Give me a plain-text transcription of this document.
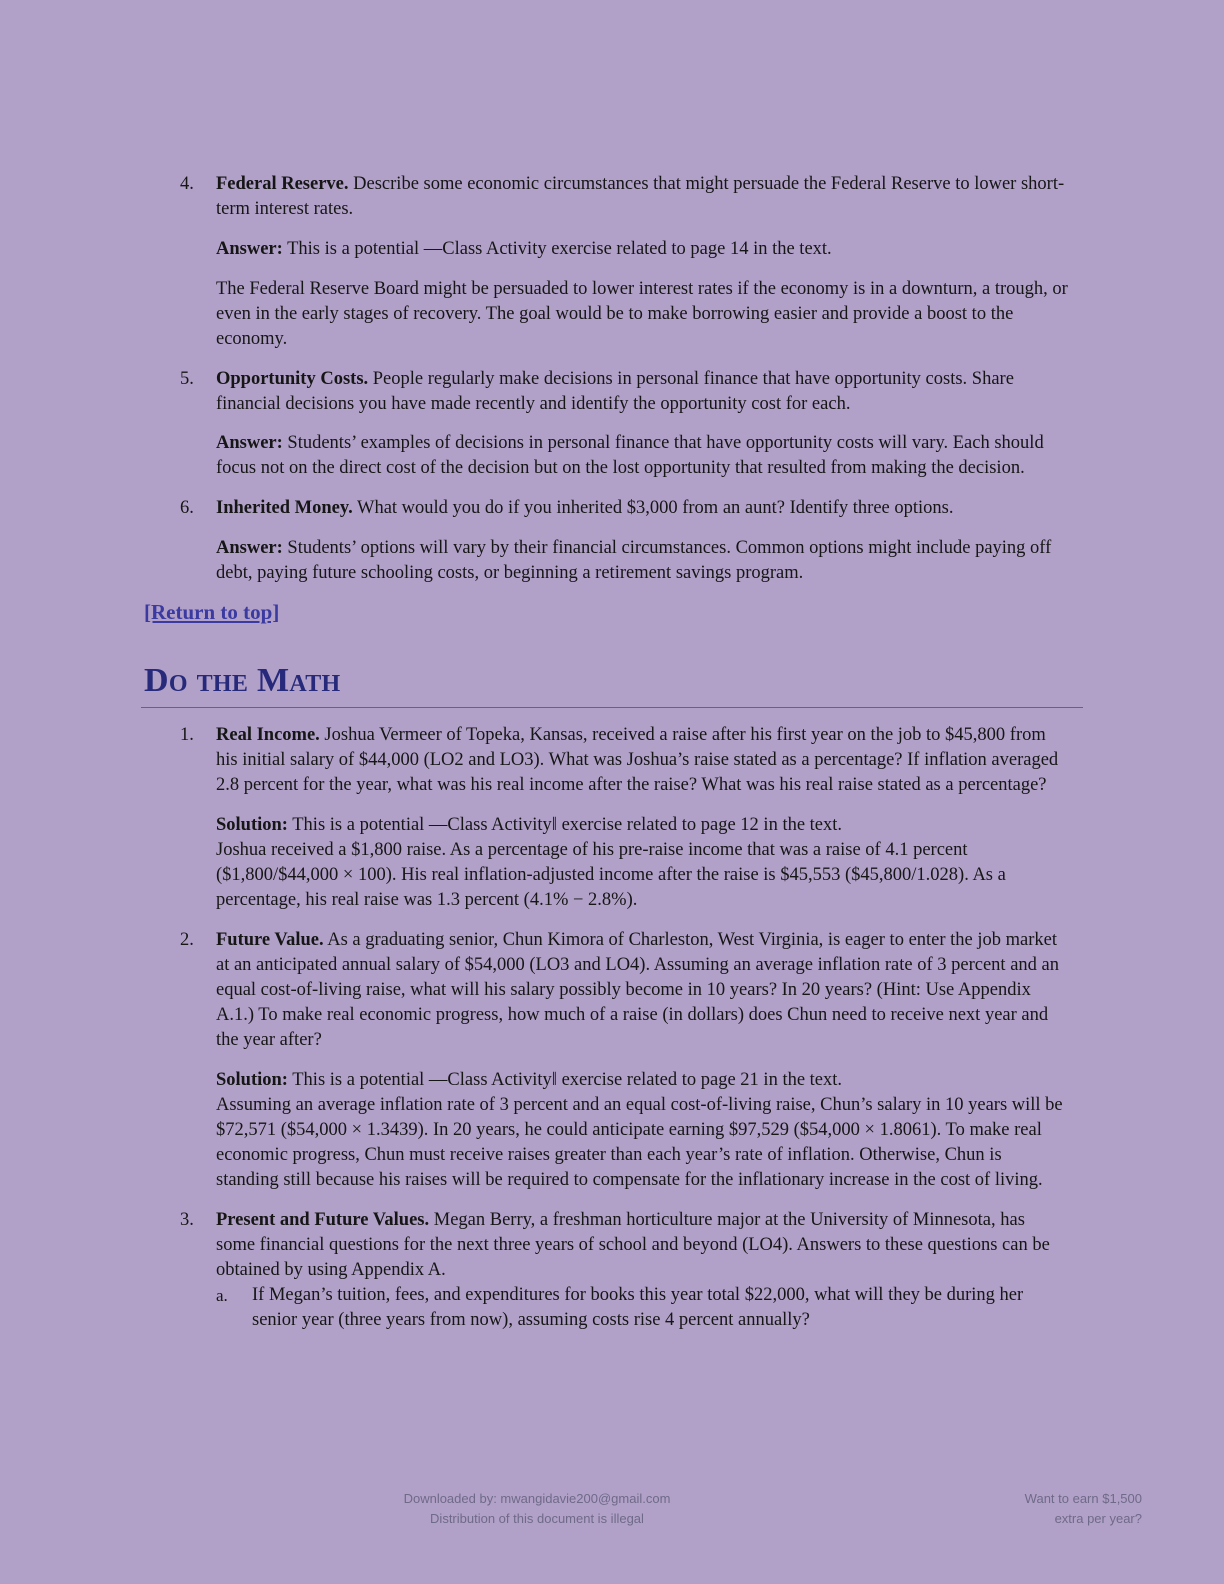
4.	Federal Reserve. Describe some economic circumstances that might persuade the Federal Reserve to lower short-term interest rates.

Answer: This is a potential —Class Activity exercise related to page 14 in the text.

The Federal Reserve Board might be persuaded to lower interest rates if the economy is in a downturn, a trough, or even in the early stages of recovery. The goal would be to make borrowing easier and provide a boost to the economy.

5.	Opportunity Costs. People regularly make decisions in personal finance that have opportunity costs. Share financial decisions you have made recently and identify the opportunity cost for each.

Answer: Students’ examples of decisions in personal finance that have opportunity costs will vary. Each should focus not on the direct cost of the decision but on the lost opportunity that resulted from making the decision.

6.	Inherited Money. What would you do if you inherited $3,000 from an aunt? Identify three options.

Answer: Students’ options will vary by their financial circumstances. Common options might include paying off debt, paying future schooling costs, or beginning a retirement savings program.

[Return to top]
Do the Math
1.	Real Income. Joshua Vermeer of Topeka, Kansas, received a raise after his first year on the job to $45,800 from his initial salary of $44,000 (LO2 and LO3). What was Joshua’s raise stated as a percentage? If inflation averaged 2.8 percent for the year, what was his real income after the raise? What was his real raise stated as a percentage?

Solution: This is a potential —Class Activity‖ exercise related to page 12 in the text.

Joshua received a $1,800 raise. As a percentage of his pre-raise income that was a raise of 4.1 percent ($1,800/$44,000 × 100). His real inflation-adjusted income after the raise is $45,553 ($45,800/1.028). As a percentage, his real raise was 1.3 percent (4.1% − 2.8%).

2.	Future Value. As a graduating senior, Chun Kimora of Charleston, West Virginia, is eager to enter the job market at an anticipated annual salary of $54,000 (LO3 and LO4). Assuming an average inflation rate of 3 percent and an equal cost-of-living raise, what will his salary possibly become in 10 years? In 20 years? (Hint: Use Appendix A.1.) To make real economic progress, how much of a raise (in dollars) does Chun need to receive next year and the year after?

Solution: This is a potential —Class Activity‖ exercise related to page 21 in the text.

Assuming an average inflation rate of 3 percent and an equal cost-of-living raise, Chun’s salary in 10 years will be $72,571 ($54,000 × 1.3439). In 20 years, he could anticipate earning $97,529 ($54,000 × 1.8061). To make real economic progress, Chun must receive raises greater than each year’s rate of inflation. Otherwise, Chun is standing still because his raises will be required to compensate for the inflationary increase in the cost of living.

3.	Present and Future Values. Megan Berry, a freshman horticulture major at the University of Minnesota, has some financial questions for the next three years of school and beyond (LO4). Answers to these questions can be obtained by using Appendix A.

a. If Megan’s tuition, fees, and expenditures for books this year total $22,000, what will they be during her senior year (three years from now), assuming costs rise 4 percent annually?

Downloaded by: mwangidavie200@gmail.com
Distribution of this document is illegal
Want to earn $1,500
extra per year?
